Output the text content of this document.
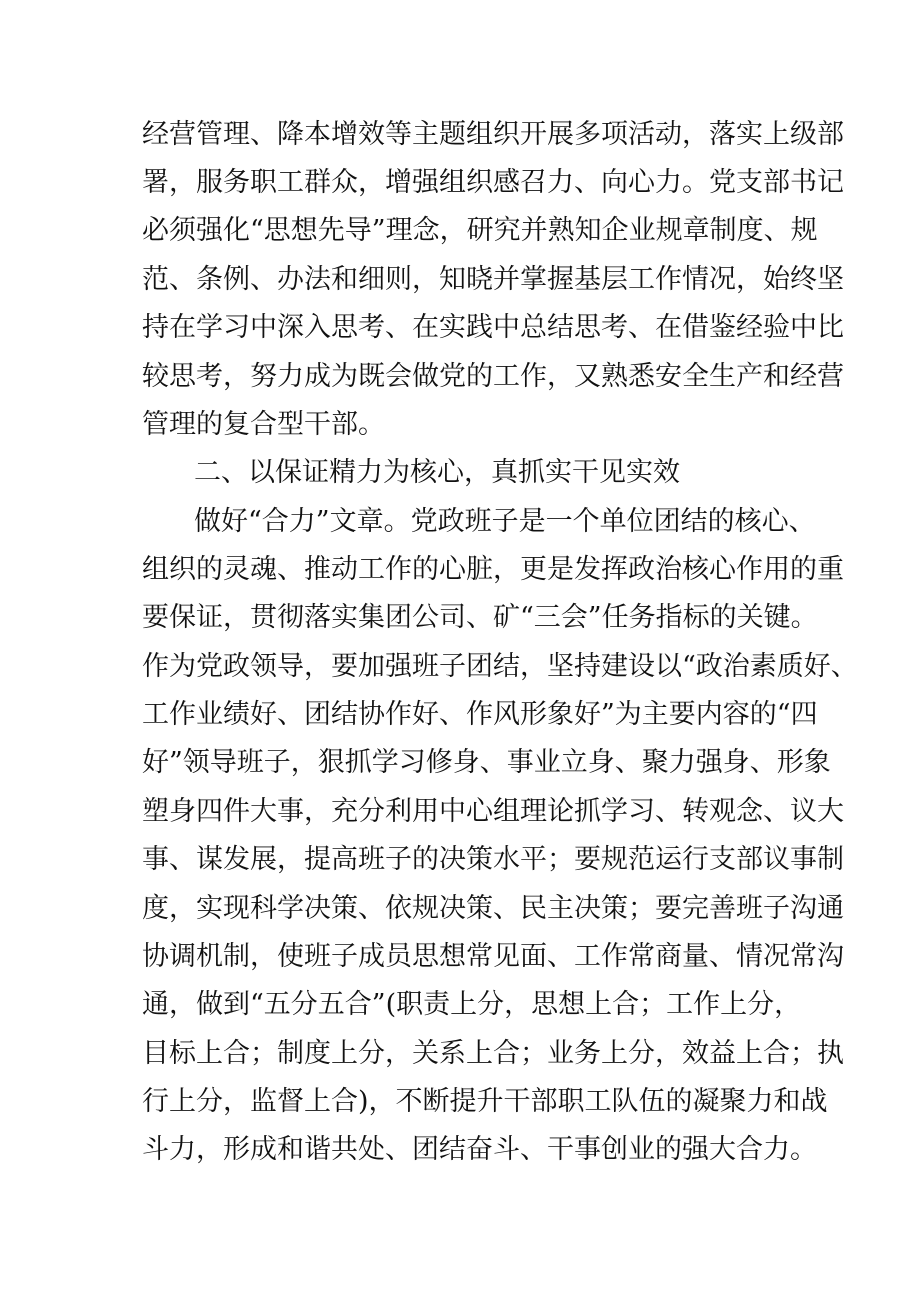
经营管理、降本增效等主题组织开展多项活动，落实上级部
署，服务职工群众，增强组织感召力、向心力。党支部书记
必须强化“思想先导”理念，研究并熟知企业规章制度、规
范、条例、办法和细则，知晓并掌握基层工作情况，始终坚
持在学习中深入思考、在实践中总结思考、在借鉴经验中比
较思考，努力成为既会做党的工作，又熟悉安全生产和经营
管理的复合型干部。
二、以保证精力为核心，真抓实干见实效
做好“合力”文章。党政班子是一个单位团结的核心、
组织的灵魂、推动工作的心脏，更是发挥政治核心作用的重
要保证，贯彻落实集团公司、矿“三会”任务指标的关键。
作为党政领导，要加强班子团结，坚持建设以“政治素质好、
工作业绩好、团结协作好、作风形象好”为主要内容的“四
好”领导班子，狠抓学习修身、事业立身、聚力强身、形象
塑身四件大事，充分利用中心组理论抓学习、转观念、议大
事、谋发展，提高班子的决策水平；要规范运行支部议事制
度，实现科学决策、依规决策、民主决策；要完善班子沟通
协调机制，使班子成员思想常见面、工作常商量、情况常沟
通，做到“五分五合”(职责上分，思想上合；工作上分，
目标上合；制度上分，关系上合；业务上分，效益上合；执
行上分，监督上合)，不断提升干部职工队伍的凝聚力和战
斗力，形成和谐共处、团结奋斗、干事创业的强大合力。
